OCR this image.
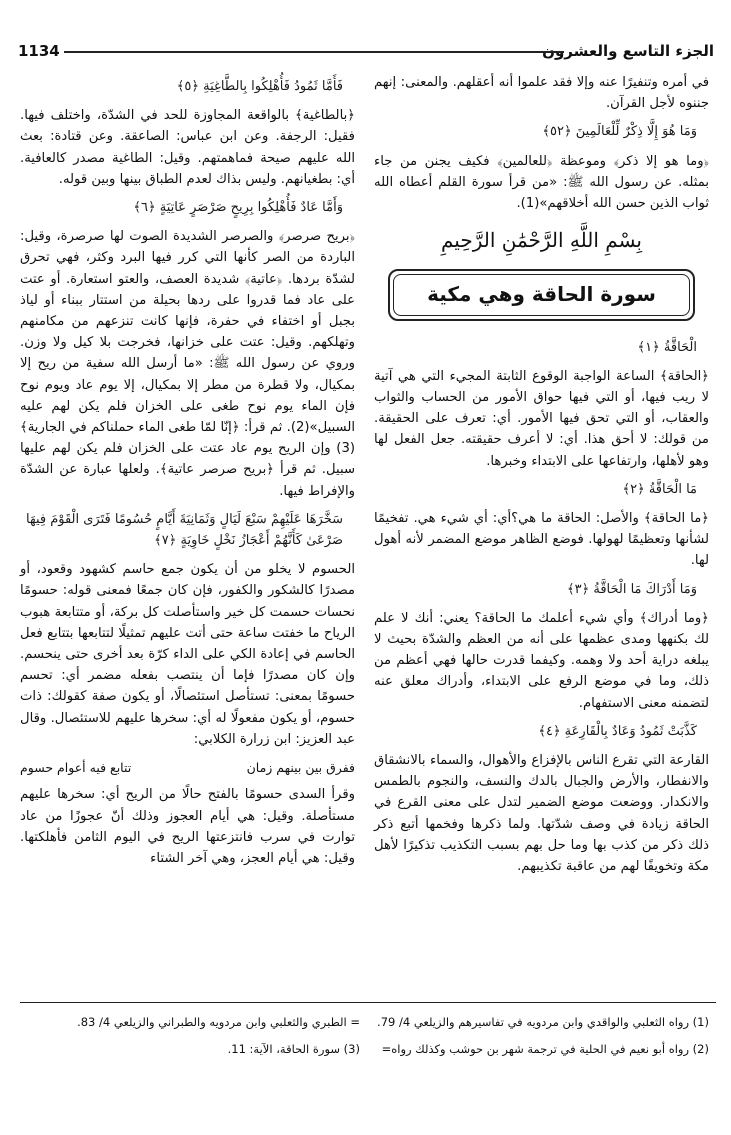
الجزء التاسع والعشرون
1134

في أمره وتنفيرًا عنه وإلا فقد علموا أنه أعقلهم. والمعنى: إنهم جننوه لأجل القرآن.

وَمَا هُوَ إِلَّا ذِكْرٌ لِّلْعَالَمِينَ ﴿٥٢﴾

﴿وما هو إلا ذكر﴾ وموعظة ﴿للعالمين﴾ فكيف يجنن من جاء بمثله. عن رسول الله ﷺ: «من قرأ سورة القلم أعطاه الله ثواب الذين حسن الله أخلاقهم»(1).

بِسْمِ اللَّهِ الرَّحْمَٰنِ الرَّحِيمِ
سورة الحاقة وهي مكية
الْحَاقَّةُ ﴿١﴾

﴿الحاقة﴾ الساعة الواجبة الوقوع الثابتة المجيء التي هي آتية لا ريب فيها، أو التي فيها حواق الأمور من الحساب والثواب والعقاب، أو التي تحق فيها الأمور. أي: تعرف على الحقيقة. من قولك: لا أحق هذا. أي: لا أعرف حقيقته. جعل الفعل لها وهو لأهلها، وارتفاعها على الابتداء وخبرها.

مَا الْحَاقَّةُ ﴿٢﴾

﴿ما الحاقة﴾ والأصل: الحاقة ما هي؟أي: أي شيء هي. تفخيمًا لشأنها وتعظيمًا لهولها. فوضع الظاهر موضع المضمر لأنه أهول لها.

وَمَا أَدْرَاكَ مَا الْحَاقَّةُ ﴿٣﴾

﴿وما أدراك﴾ وأي شيء أعلمك ما الحاقة؟ يعني: أنك لا علم لك بكنهها ومدى عظمها على أنه من العظم والشدّة بحيث لا يبلغه دراية أحد ولا وهمه. وكيفما قدرت حالها فهي أعظم من ذلك، وما في موضع الرفع على الابتداء، وأدراك معلق عنه لتضمنه معنى الاستفهام.

كَذَّبَتْ ثَمُودُ وَعَادٌ بِالْقَارِعَةِ ﴿٤﴾

القارعة التي تقرع الناس بالإفزاع والأهوال، والسماء بالانشقاق والانفطار، والأرض والجبال بالدك والنسف، والنجوم بالطمس والانكدار. ووضعت موضع الضمير لتدل على معنى القرع في الحاقة زيادة في وصف شدّتها. ولما ذكرها وفخمها أتبع ذكر ذلك ذكر من كذب بها وما حل بهم بسبب التكذيب تذكيرًا لأهل مكة وتخويفًا لهم من عاقبة تكذيبهم.

فَأَمَّا ثَمُودُ فَأُهْلِكُوا بِالطَّاغِيَةِ ﴿٥﴾

﴿بالطاغية﴾ بالواقعة المجاوزة للحد في الشدّة، واختلف فيها. فقيل: الرجفة. وعن ابن عباس: الصاعقة. وعن قتادة: بعث الله عليهم صيحة فماهمتهم. وقيل: الطاغية مصدر كالعافية. أي: بطغيانهم. وليس بذاك لعدم الطباق بينها وبين قوله.

وَأَمَّا عَادٌ فَأُهْلِكُوا بِرِيحٍ صَرْصَرٍ عَاتِيَةٍ ﴿٦﴾

﴿بريح صرصر﴾ والصرصر الشديدة الصوت لها صرصرة، وقيل: الباردة من الصر كأنها التي كرر فيها البرد وكثر، فهي تحرق لشدّة بردها. ﴿عاتية﴾ شديدة العصف، والعتو استعارة. أو عتت على عاد فما قدروا على ردها بحيلة من استتار ببناء أو لياذ بجبل أو اختفاء في حفرة، فإنها كانت تنزعهم من مكامنهم وتهلكهم. وقيل: عتت على خزانها، فخرجت بلا كيل ولا وزن. وروي عن رسول الله ﷺ: «ما أرسل الله سفية من ريح إلا بمكيال، ولا قطرة من مطر إلا بمكيال، إلا يوم عاد ويوم نوح فإن الماء يوم نوح طغى على الخزان فلم يكن لهم عليه السبيل»(2). ثم قرأ: ﴿إنّا لمّا طغى الماء حملناكم في الجارية﴾(3) وإن الريح يوم عاد عتت على الخزان فلم يكن لهم عليها سبيل. ثم قرأ ﴿بريح صرصر عاتية﴾. ولعلها عبارة عن الشدّة والإفراط فيها.

سَخَّرَهَا عَلَيْهِمْ سَبْعَ لَيَالٍ وَثَمَانِيَةَ أَيَّامٍ حُسُومًا فَتَرَى الْقَوْمَ فِيهَا صَرْعَىٰ كَأَنَّهُمْ أَعْجَازُ نَخْلٍ خَاوِيَةٍ ﴿٧﴾

الحسوم لا يخلو من أن يكون جمع حاسم كشهود وقعود، أو مصدرًا كالشكور والكفور، فإن كان جمعًا فمعنى قوله: حسومًا نحسات حسمت كل خير واستأصلت كل بركة، أو متتابعة هبوب الرياح ما خفتت ساعة حتى أتت عليهم تمثيلًا لتتابعها بتتابع فعل الحاسم في إعادة الكي على الداء كرّة بعد أخرى حتى ينحسم. وإن كان مصدرًا فإما أن ينتصب بفعله مضمر أي: تحسم حسومًا بمعنى: تستأصل استئصالًا، أو يكون صفة كقولك: ذات حسوم، أو يكون مفعولًا له أي: سخرها عليهم للاستئصال. وقال عبد العزيز: ابن زرارة الكلابي:

ففرق بين بينهم زمان
تتابع فيه أعوام حسوم

وقرأ السدى حسومًا بالفتح حالًا من الريح أي: سخرها عليهم مستأصلة. وقيل: هي أيام العجوز وذلك أنّ عجوزًا من عاد توارت في سرب فانتزعتها الريح في اليوم الثامن فأهلكتها. وقيل: هي أيام العجز، وهي آخر الشتاء

(1) رواه الثعلبي والواقدي وابن مردويه في تفاسيرهم والزيلعي 4/ 79.

(2) رواه أبو نعيم في الحلية في ترجمة شهر بن حوشب وكذلك رواه=

= الطبري والثعلبي وابن مردويه والطبراني والزيلعي 4/ 83.

(3) سورة الحاقة، الآية: 11.
